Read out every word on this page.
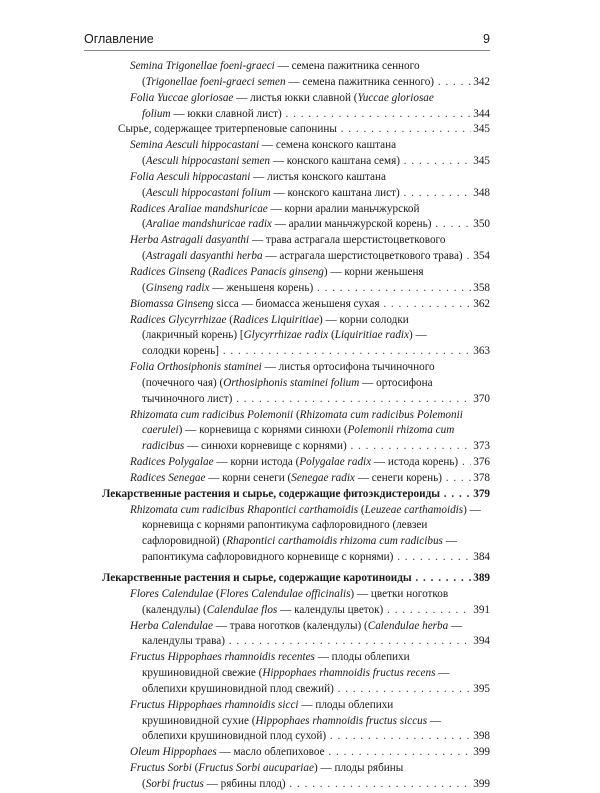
Оглавление	9
Semina Trigonellae foeni-graeci — семена пажитника сенного
(Trigonellae foeni-graeci semen — семена пажитника сенного)	342
. . .
Folia Yuccae gloriosae — листья юкки славной (Yuccae gloriosae
folium — юкки славной лист)	344
. . .
Сырье, содержащее тритерпеновые сапонины	345
. . .
Semina Aesculi hippocastani — семена конского каштана
(Aesculi hippocastani semen — конского каштана семя)	345
. . .
Folia Aesculi hippocastani — листья конского каштана
(Aesculi hippocastani folium — конского каштана лист)	348
. . .
Radices Araliae mandshuricae — корни аралии маньчжурской
(Araliae mandshuricae radix — аралии маньчжурской корень)	350
. . .
Herba Astragali dasyanthi — трава астрагала шерстистоцветкового
(Astragali dasyanthi herba — астрагала шерстистоцветкового трава) 354
. . .
Radices Ginseng (Radices Panacis ginseng) — корни женьшеня
(Ginseng radix — женьшеня корень)	358
. . .
Biomassa Ginseng sicca — биомасса женьшеня сухая	362
. . .
Radices Glycyrrhizae (Radices Liquiritiae) — корни солодки
(лакричный корень) [Glycyrrhizae radix (Liquiritiae radix) —
солодки корень]	363
. . .
Folia Orthosiphonis staminei — листья ортосифона тычиночного
(почечного чая) (Orthosiphonis staminei folium — ортосифона
тычиночного лист)	370
. . .
Rhizomata cum radicibus Polemonii (Rhizomata cum radicibus Polemonii
caerulei) — корневища с корнями синюхи (Polemonii rhizoma cum
radicibus — синюхи корневище с корнями)	373
. . .
Radices Polygalae — корни истода (Polygalae radix — истода корень) 376
. . .
Radices Senegae — корни сенеги (Senegae radix — сенеги корень)	378
. . .
Лекарственные растения и сырье, содержащие фитоэкдистероиды	379
. . .
Rhizomata cum radicibus Rhapontici carthamoidis (Leuzeae carthamoidis) —
корневища с корнями рапонтикума сафлоровидного (левзеи
сафлоровидной) (Rhapontici carthamoidis rhizoma cum radicibus —
рапонтикума сафлоровидного корневище с корнями)	384
. . .
Лекарственные растения и сырье, содержащие каротиноиды	389
. . .
Flores Calendulae (Flores Calendulae officinalis) — цветки ноготков
(календулы) (Calendulae flos — календулы цветок)	391
. . .
Herba Calendulae — трава ноготков (календулы) (Calendulae herba —
календулы трава)	394
. . .
Fructus Hippophaes rhamnoidis recentes — плоды облепихи
крушиновидной свежие (Hippophaes rhamnoidis fructus recens —
облепихи крушиновидной плод свежий)	395
. . .
Fructus Hippophaes rhamnoidis sicci — плоды облепихи
крушиновидной сухие (Hippophaes rhamnoidis fructus siccus —
облепихи крушиновидной плод сухой)	398
. . .
Oleum Hippophaes — масло облепиховое	399
. . .
Fructus Sorbi (Fructus Sorbi aucupariae) — плоды рябины
(Sorbi fructus — рябины плод)	399
. . .
